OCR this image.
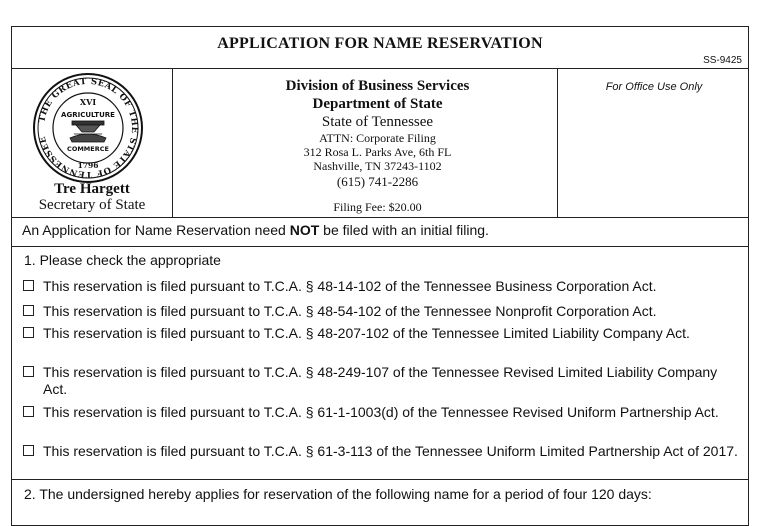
APPLICATION FOR NAME RESERVATION
SS-9425
THE GREAT SEAL OF THE STATE OF TENNESSEE
XVI
AGRICULTURE
COMMERCE
1796
Tre Hargett
Secretary of State
Division of Business Services
Department of State
State of Tennessee
ATTN: Corporate Filing
312 Rosa L. Parks Ave, 6th FL
Nashville, TN 37243-1102
(615) 741-2286
Filing Fee: $20.00
For Office Use Only
An Application for Name Reservation need NOT be filed with an initial filing.
1. Please check the appropriate
This reservation is filed pursuant to T.C.A. § 48-14-102 of the Tennessee Business Corporation Act.
This reservation is filed pursuant to T.C.A. § 48-54-102 of the Tennessee Nonprofit Corporation Act.
This reservation is filed pursuant to T.C.A. § 48-207-102 of the Tennessee Limited Liability Company Act.
This reservation is filed pursuant to T.C.A. § 48-249-107 of the Tennessee Revised Limited Liability Company Act.
This reservation is filed pursuant to T.C.A. § 61-1-1003(d) of the Tennessee Revised Uniform Partnership Act.
This reservation is filed pursuant to T.C.A. § 61-3-113 of the Tennessee Uniform Limited Partnership Act of 2017.
2. The undersigned hereby applies for reservation of the following name for a period of four 120 days:
